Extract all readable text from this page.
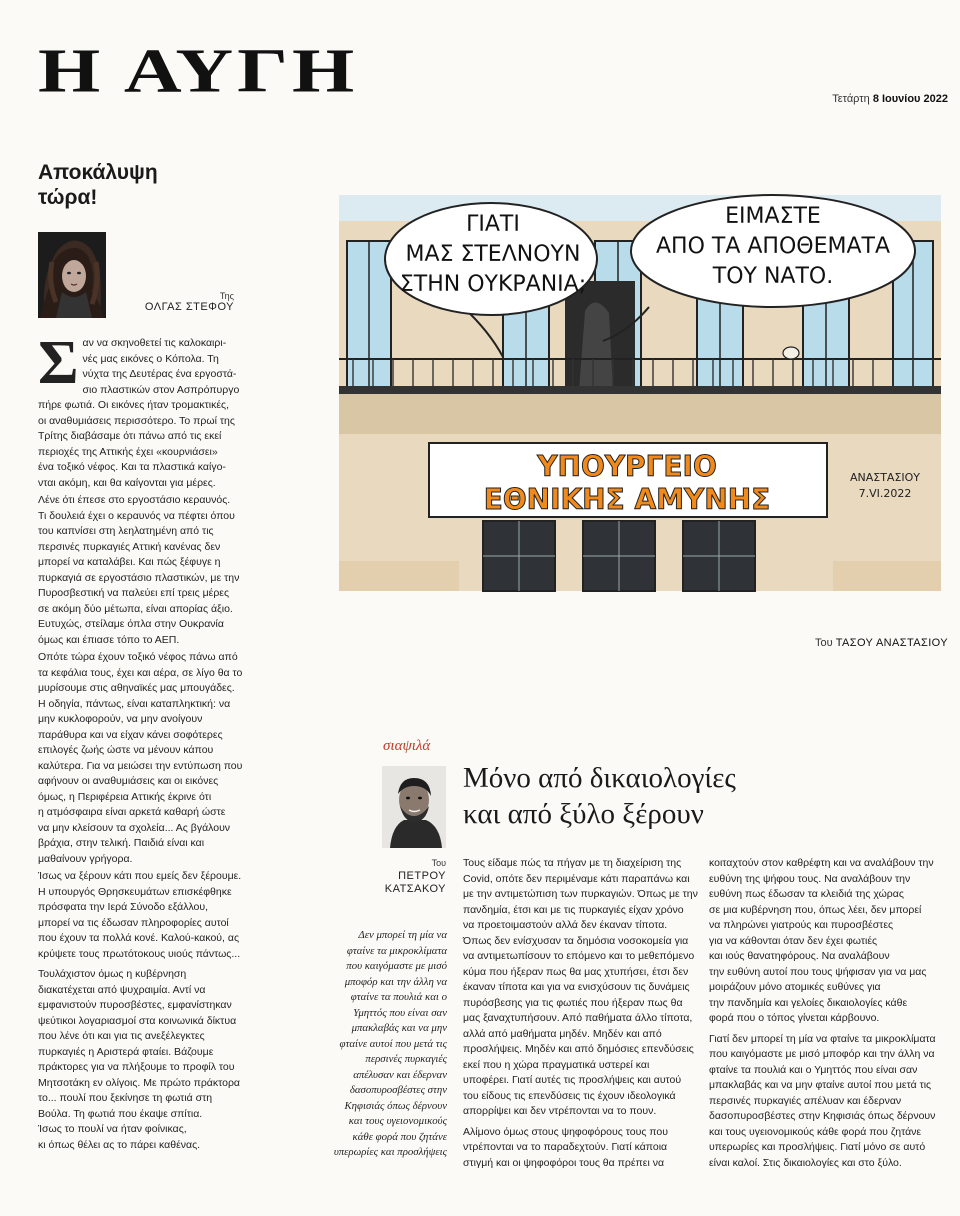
Η ΑΥΓΗ	Τετάρτη 8 Ιουνίου 2022
Αποκάλυψη
τώρα!
Της
ΟΛΓΑΣ ΣΤΕΦΟΥ
Σ αν να σκηνοθετεί τις καλοκαιρι-
νές μας εικόνες ο Κόπολα. Τη
νύχτα της Δευτέρας ένα εργοστά-
σιο πλαστικών στον Ασπρόπυργο
πήρε φωτιά. Οι εικόνες ήταν τρομακτικές,
οι αναθυμιάσεις περισσότερο. Το πρωί της
Τρίτης διαβάσαμε ότι πάνω από τις εκεί
περιοχές της Αττικής έχει «κουρνιάσει»
ένα τοξικό νέφος. Και τα πλαστικά καίγο-
νται ακόμη, και θα καίγονται για μέρες.
Λένε ότι έπεσε στο εργοστάσιο κεραυνός.
Τι δουλειά έχει ο κεραυνός να πέφτει όπου
του καπνίσει στη λεηλατημένη από τις
περσινές πυρκαγιές Αττική κανένας δεν
μπορεί να καταλάβει. Και πώς ξέφυγε η
πυρκαγιά σε εργοστάσιο πλαστικών, με την
Πυροσβεστική να παλεύει επί τρεις μέρες
σε ακόμη δύο μέτωπα, είναι απορίας άξιο.
Ευτυχώς, στείλαμε όπλα στην Ουκρανία
όμως και έπιασε τόπο το ΑΕΠ.
Οπότε τώρα έχουν τοξικό νέφος πάνω από
τα κεφάλια τους, έχει και αέρα, σε λίγο θα το
μυρίσουμε στις αθηναϊκές μας μπουγάδες.
Η οδηγία, πάντως, είναι καταπληκτική: να
μην κυκλοφορούν, να μην ανοίγουν
παράθυρα και να είχαν κάνει σοφότερες
επιλογές ζωής ώστε να μένουν κάπου
καλύτερα. Για να μειώσει την εντύπωση που
αφήνουν οι αναθυμιάσεις και οι εικόνες
όμως, η Περιφέρεια Αττικής έκρινε ότι
η ατμόσφαιρα είναι αρκετά καθαρή ώστε
να μην κλείσουν τα σχολεία... Ας βγάλουν
βράχια, στην τελική. Παιδιά είναι και
μαθαίνουν γρήγορα.
Ίσως να ξέρουν κάτι που εμείς δεν ξέρουμε.
Η υπουργός Θρησκευμάτων επισκέφθηκε
πρόσφατα την Ιερά Σύνοδο εξάλλου,
μπορεί να τις έδωσαν πληροφορίες αυτοί
που έχουν τα πολλά κονέ. Καλού-κακού, ας
κρύψετε τους πρωτότοκους υιούς πάντως...
Τουλάχιστον όμως η κυβέρνηση
διακατέχεται από ψυχραιμία. Αντί να
εμφανιστούν πυροσβέστες, εμφανίστηκαν
ψεύτικοι λογαριασμοί στα κοινωνικά δίκτυα
που λένε ότι και για τις ανεξέλεγκτες
πυρκαγιές η Αριστερά φταίει. Βάζουμε
πράκτορες για να πλήξουμε το προφίλ του
Μητσοτάκη εν ολίγοις. Με πρώτο πράκτορα
το... πουλί που ξεκίνησε τη φωτιά στη
Βούλα. Τη φωτιά που έκαψε σπίτια.
Ίσως το πουλί να ήταν φοίνικας,
κι όπως θέλει ας το πάρει καθένας.
ΓΙΑΤΙ
ΜΑΣ ΣΤΕΛΝΟΥΝ
ΣΤΗΝ ΟΥΚΡΑΝΙΑ;
ΕΙΜΑΣΤΕ
ΑΠΟ ΤΑ ΑΠΟΘΕΜΑΤΑ
ΤΟΥ ΝΑΤΟ.
ΥΠΟΥΡΓΕΙΟ
ΕΘΝΙΚΗΣ ΑΜΥΝΗΣ
ΑΝΑΣΤΑΣΙΟΥ
7.VI.2022
Του ΤΑΣΟΥ ΑΝΑΣΤΑΣΙΟΥ
σιαψιλά
Μόνο από δικαιολογίες
και από ξύλο ξέρουν
Του
ΠΕΤΡΟΥ
ΚΑΤΣΑΚΟΥ
Δεν μπορεί τη μία να
φταίνε τα μικροκλίματα
που καιγόμαστε με μισό
μποφόρ και την άλλη να
φταίνε τα πουλιά και ο
Υμηττός που είναι σαν
μπακλαβάς και να μην
φταίνε αυτοί που μετά τις
περσινές πυρκαγιές
απέλυσαν και έδερναν
δασοπυροσβέστες στην
Κηφισιάς όπως δέρνουν
και τους υγειονομικούς
κάθε φορά που ζητάνε
υπερωρίες και προσλήψεις
Τους είδαμε πώς τα πήγαν με τη διαχείριση της
Covid, οπότε δεν περιμέναμε κάτι παραπάνω και
με την αντιμετώπιση των πυρκαγιών. Όπως με την
πανδημία, έτσι και με τις πυρκαγιές είχαν χρόνο
να προετοιμαστούν αλλά δεν έκαναν τίποτα.
Όπως δεν ενίσχυσαν τα δημόσια νοσοκομεία για
να αντιμετωπίσουν το επόμενο και το μεθεπόμενο
κύμα που ήξεραν πως θα μας χτυπήσει, έτσι δεν
έκαναν τίποτα και για να ενισχύσουν τις δυνάμεις
πυρόσβεσης για τις φωτιές που ήξεραν πως θα
μας ξαναχτυπήσουν. Από παθήματα άλλο τίποτα,
αλλά από μαθήματα μηδέν. Μηδέν και από
προσλήψεις. Μηδέν και από δημόσιες επενδύσεις
εκεί που η χώρα πραγματικά υστερεί και
υποφέρει. Γιατί αυτές τις προσλήψεις και αυτού
του είδους τις επενδύσεις τις έχουν ιδεολογικά
απορρίψει και δεν ντρέπονται να το πουν.
Αλίμονο όμως στους ψηφοφόρους τους που
ντρέπονται να το παραδεχτούν. Γιατί κάποια
στιγμή και οι ψηφοφόροι τους θα πρέπει να
κοιταχτούν στον καθρέφτη και να αναλάβουν την
ευθύνη της ψήφου τους. Να αναλάβουν την
ευθύνη πως έδωσαν τα κλειδιά της χώρας
σε μια κυβέρνηση που, όπως λέει, δεν μπορεί
να πληρώνει γιατρούς και πυροσβέστες
για να κάθονται όταν δεν έχει φωτιές
και ιούς θανατηφόρους. Να αναλάβουν
την ευθύνη αυτοί που τους ψήφισαν για να μας
μοιράζουν μόνο ατομικές ευθύνες για
την πανδημία και γελοίες δικαιολογίες κάθε
φορά που ο τόπος γίνεται κάρβουνο.
Γιατί δεν μπορεί τη μία να φταίνε τα μικροκλίματα
που καιγόμαστε με μισό μποφόρ και την άλλη να
φταίνε τα πουλιά και ο Υμηττός που είναι σαν
μπακλαβάς και να μην φταίνε αυτοί που μετά τις
περσινές πυρκαγιές απέλυαν και έδερναν
δασοπυροσβέστες στην Κηφισιάς όπως δέρνουν
και τους υγειονομικούς κάθε φορά που ζητάνε
υπερωρίες και προσλήψεις. Γιατί μόνο σε αυτό
είναι καλοί. Στις δικαιολογίες και στο ξύλο.
